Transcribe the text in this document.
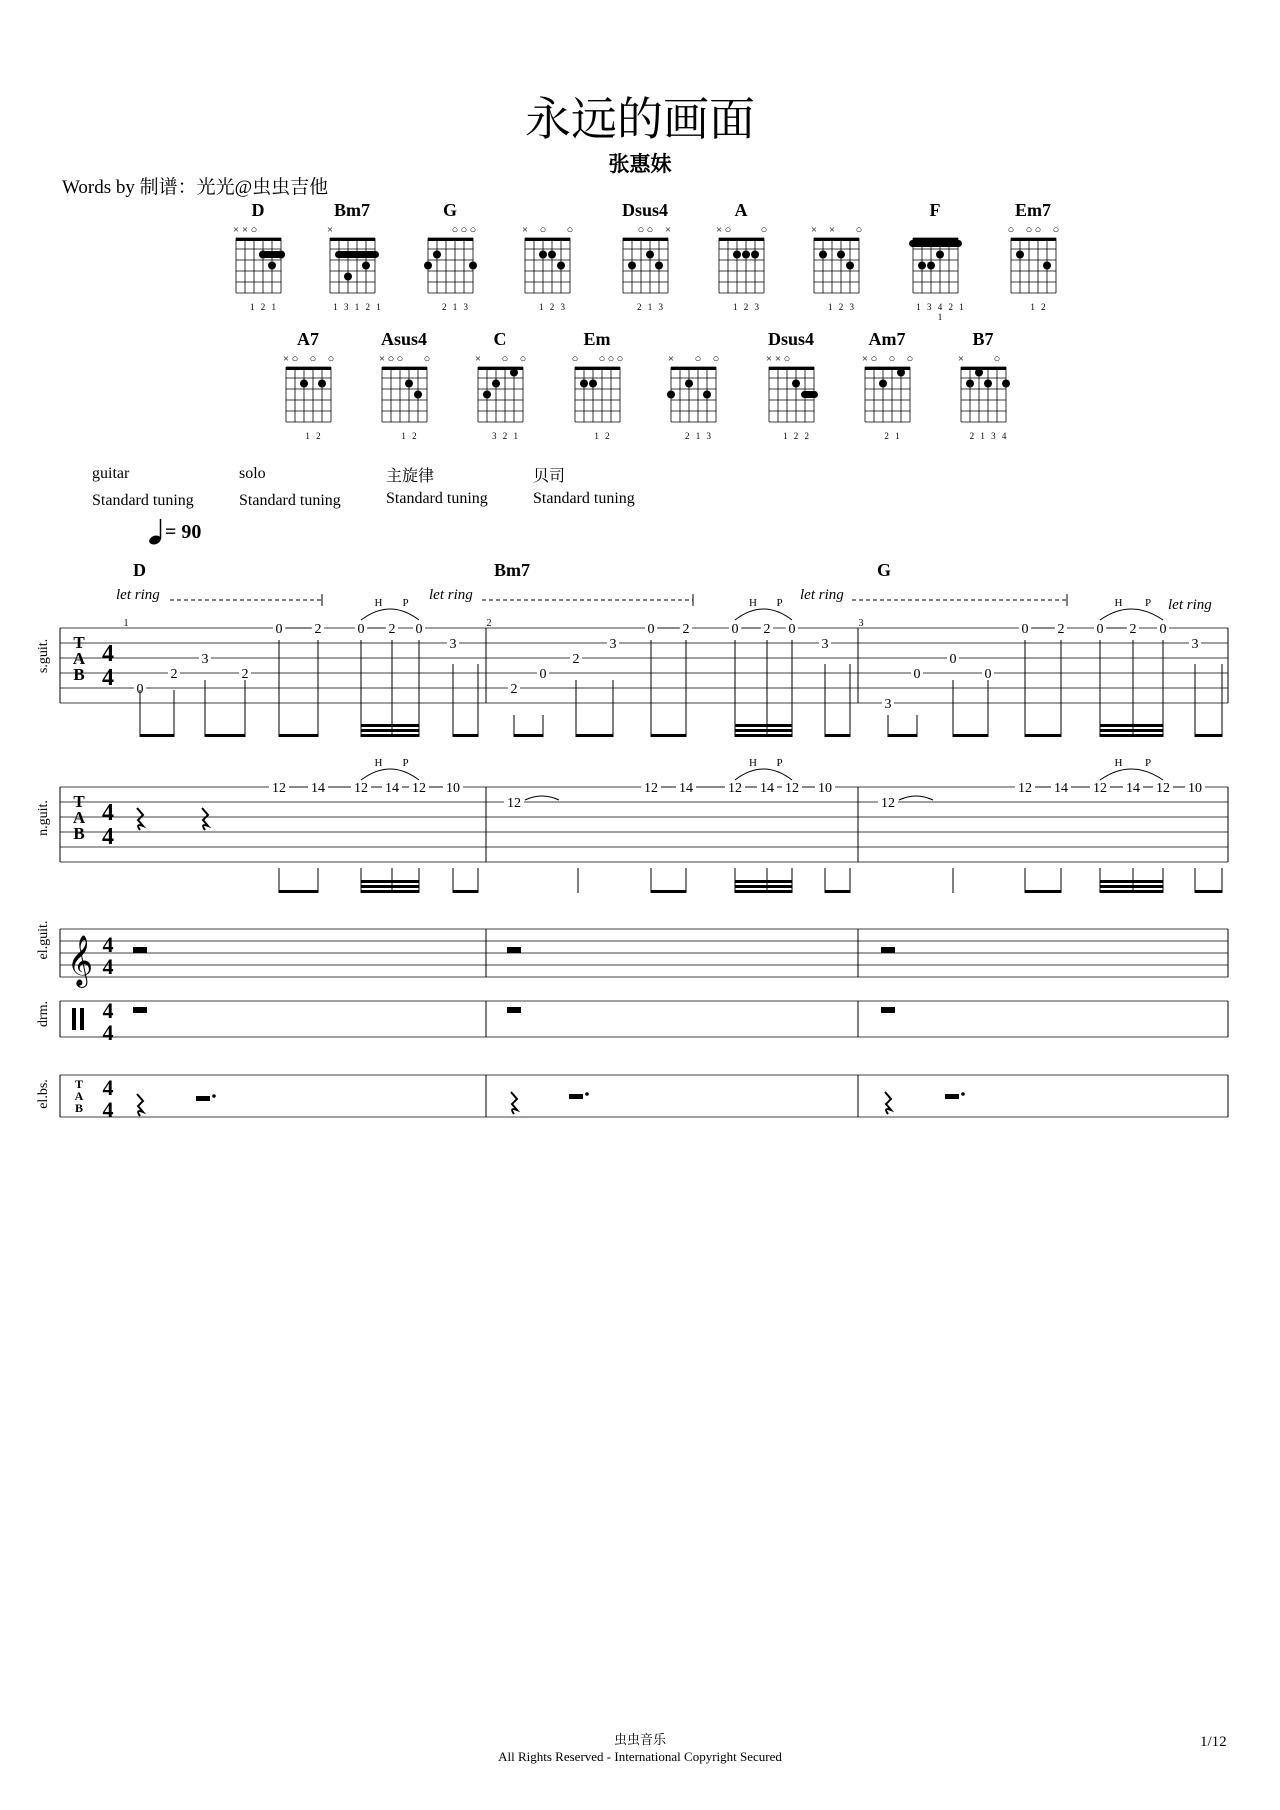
永远的画面
张惠妹
Words by 制谱：光光@虫虫吉他
D
× × ○
1 2 1
Bm7
×
1 3 1 2 1
G
○ ○ ○
2 1 3
× ○ ○
1 2 3
Dsus4
○ ○ ×
2 1 3
A
× ○	○
1 2 3
× × ○
1 2 3
F
1 3 4 2 1 1
Em7
○ ○ ○ ○
1 2
A7
× ○ ○ ○
1 2
Asus4
× ○ ○ ○
1 2
C
× ○ ○
3 2 1
Em
○ ○ ○ ○
1 2
× ○ ○
2 1 3
Dsus4
× × ○
1 2 2
Am7
× ○ ○ ○
2 1
B7
×	○
2 1 3 4
guitar
Standard tuning
solo
Standard tuning
主旋律
Standard tuning
贝司
Standard tuning
= 90
D	Bm7	G
let ring	let ring	let ring
let ring
s.guit.
n.guit.
el.guit.
drm.
el.bs.
T
A
B
4
4
1	2	3
0
2
3
2
0 2	0 2 0
3
2
0
2
3
0 2	0 2 0
3
3
0
0
0
0 2 0 2 0
3
H P	H P	H P
T
A
B
4
4
12 14 12 14 12 10
12
12 14	12 14 12 10
12
12 14 12 14 12 10
H P	H P	H P
𝄞 4
4
4
4
T
A
B
4
4
虫虫音乐
All Rights Reserved - International Copyright Secured
1/12
